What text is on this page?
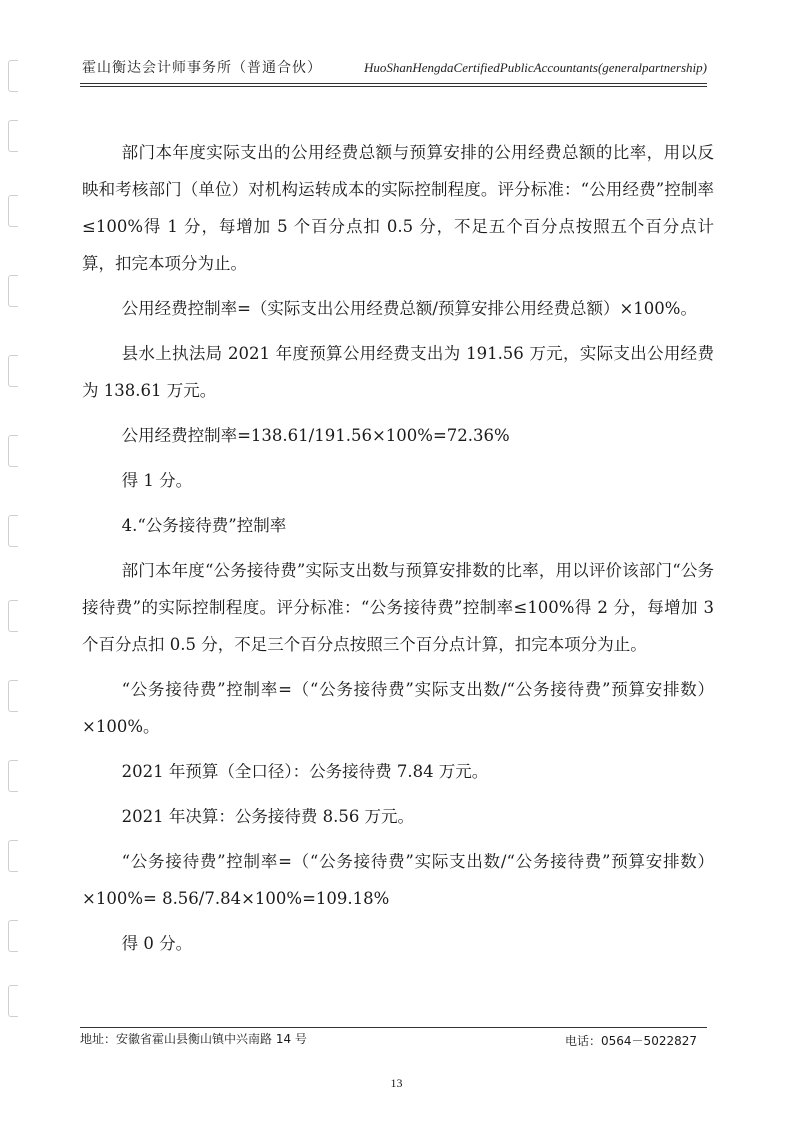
霍山衡达会计师事务所（普通合伙）	HuoShanHengdaCertifiedPublicAccountants(generalpartnership)

部门本年度实际支出的公用经费总额与预算安排的公用经费总额的比率，用以反映和考核部门（单位）对机构运转成本的实际控制程度。评分标准：“公用经费”控制率≤100%得 1 分，每增加 5 个百分点扣 0.5 分，不足五个百分点按照五个百分点计算，扣完本项分为止。

公用经费控制率=（实际支出公用经费总额/预算安排公用经费总额）×100%。

县水上执法局 2021 年度预算公用经费支出为 191.56 万元，实际支出公用经费为 138.61 万元。

公用经费控制率=138.61/191.56×100%=72.36%

得 1 分。

4.“公务接待费”控制率

部门本年度“公务接待费”实际支出数与预算安排数的比率，用以评价该部门“公务接待费”的实际控制程度。评分标准：“公务接待费”控制率≤100%得 2 分，每增加 3 个百分点扣 0.5 分，不足三个百分点按照三个百分点计算，扣完本项分为止。

“公务接待费”控制率=（“公务接待费”实际支出数/“公务接待费”预算安排数）×100%。

2021 年预算（全口径）：公务接待费 7.84 万元。

2021 年决算：公务接待费 8.56 万元。

“公务接待费”控制率=（“公务接待费”实际支出数/“公务接待费”预算安排数）×100%= 8.56/7.84×100%=109.18%

得 0 分。

地址：安徽省霍山县衡山镇中兴南路 14 号	电话：0564－5022827
13
